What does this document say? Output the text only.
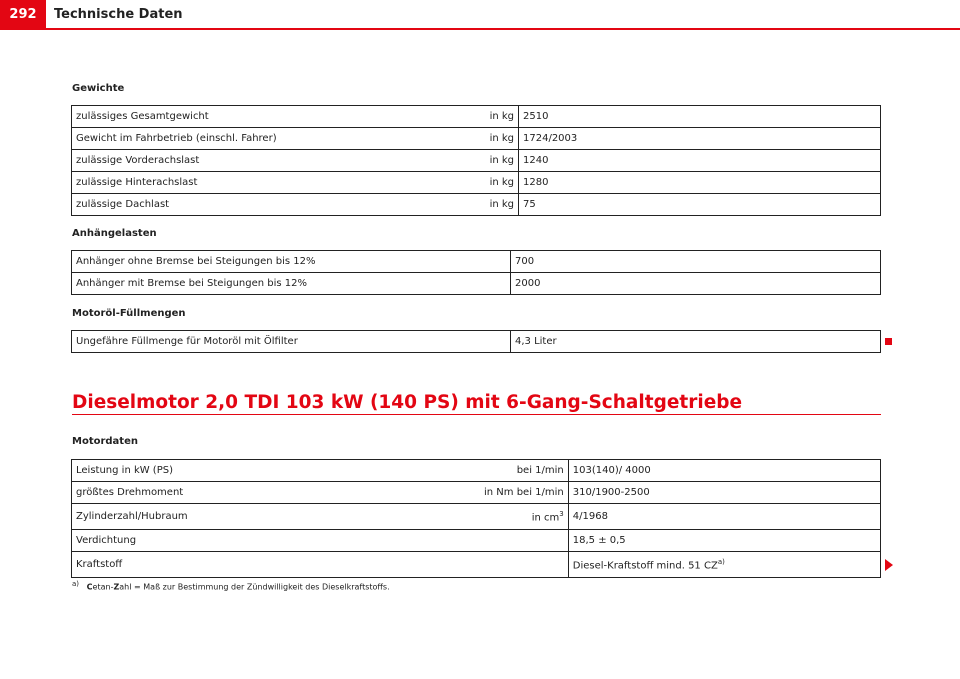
292	Technische Daten
Gewichte
zulässiges Gesamtgewicht	in kg	2510
Gewicht im Fahrbetrieb (einschl. Fahrer)	in kg	1724/2003
zulässige Vorderachslast	in kg	1240
zulässige Hinterachslast	in kg	1280
zulässige Dachlast	in kg	75
Anhängelasten
Anhänger ohne Bremse bei Steigungen bis 12%	700
Anhänger mit Bremse bei Steigungen bis 12%	2000
Motoröl-Füllmengen
Ungefähre Füllmenge für Motoröl mit Ölfilter	4,3 Liter
Dieselmotor 2,0 TDI 103 kW (140 PS) mit 6-Gang-Schaltgetriebe
Motordaten
Leistung in kW (PS)	bei 1/min	103(140)/ 4000
größtes Drehmoment	in Nm bei 1/min	310/1900-2500
Zylinderzahl/Hubraum	in $cm^3$	4/1968
Verdichtung		18,5 ± 0,5
Kraftstoff		Diesel-Kraftstoff mind. 51 CZ$^{a)}$
$^{a)}$ Cetan-Zahl = Maß zur Bestimmung der Zündwilligkeit des Dieselkraftstoffs.
